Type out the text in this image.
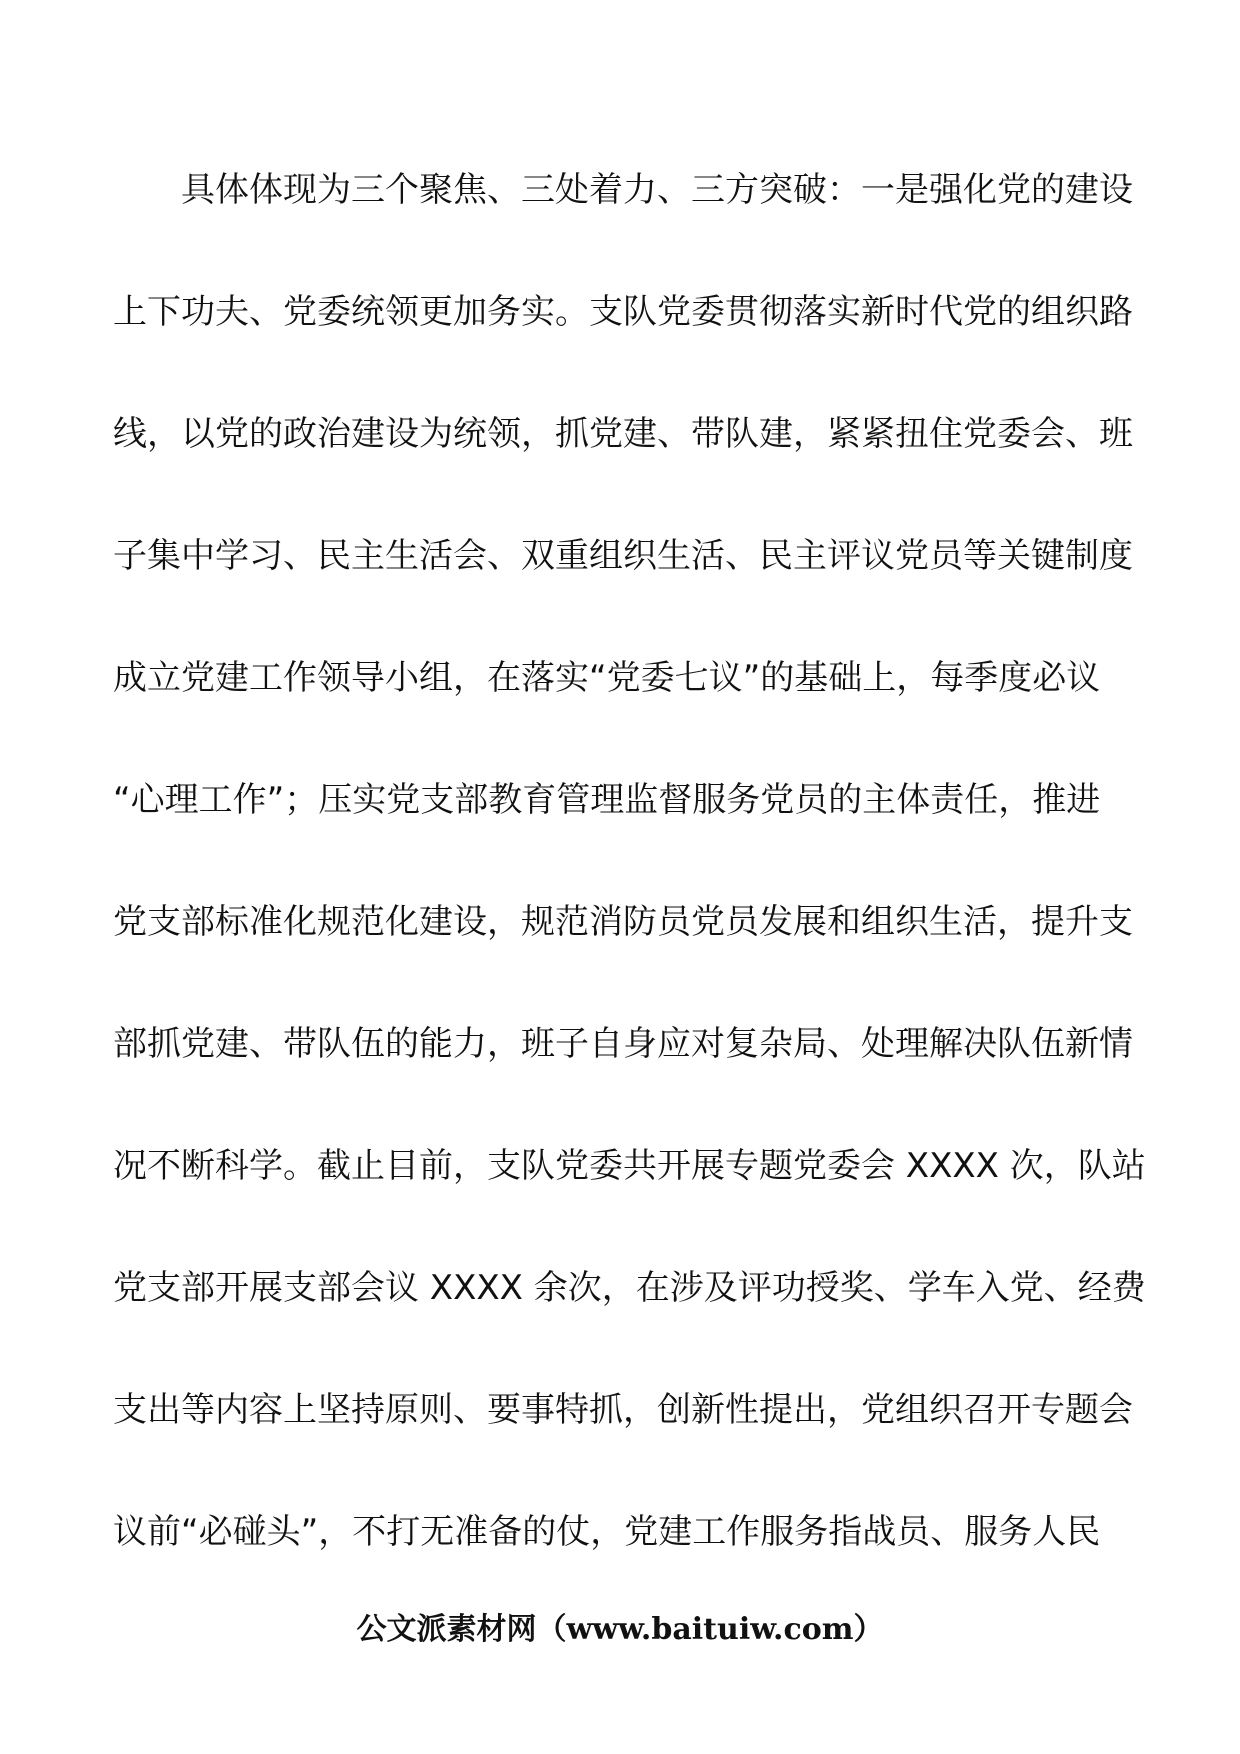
　　具体体现为三个聚焦、三处着力、三方突破：一是强化党的建设
上下功夫、党委统领更加务实。支队党委贯彻落实新时代党的组织路
线，以党的政治建设为统领，抓党建、带队建，紧紧扭住党委会、班
子集中学习、民主生活会、双重组织生活、民主评议党员等关键制度
成立党建工作领导小组，在落实“党委七议”的基础上，每季度必议
“心理工作”；压实党支部教育管理监督服务党员的主体责任，推进
党支部标准化规范化建设，规范消防员党员发展和组织生活，提升支
部抓党建、带队伍的能力，班子自身应对复杂局、处理解决队伍新情
况不断科学。截止目前，支队党委共开展专题党委会 XXXX 次，队站
党支部开展支部会议 XXXX 余次，在涉及评功授奖、学车入党、经费
支出等内容上坚持原则、要事特抓，创新性提出，党组织召开专题会
议前“必碰头”，不打无准备的仗，党建工作服务指战员、服务人民
公文派素材网（www.baituiw.com）
